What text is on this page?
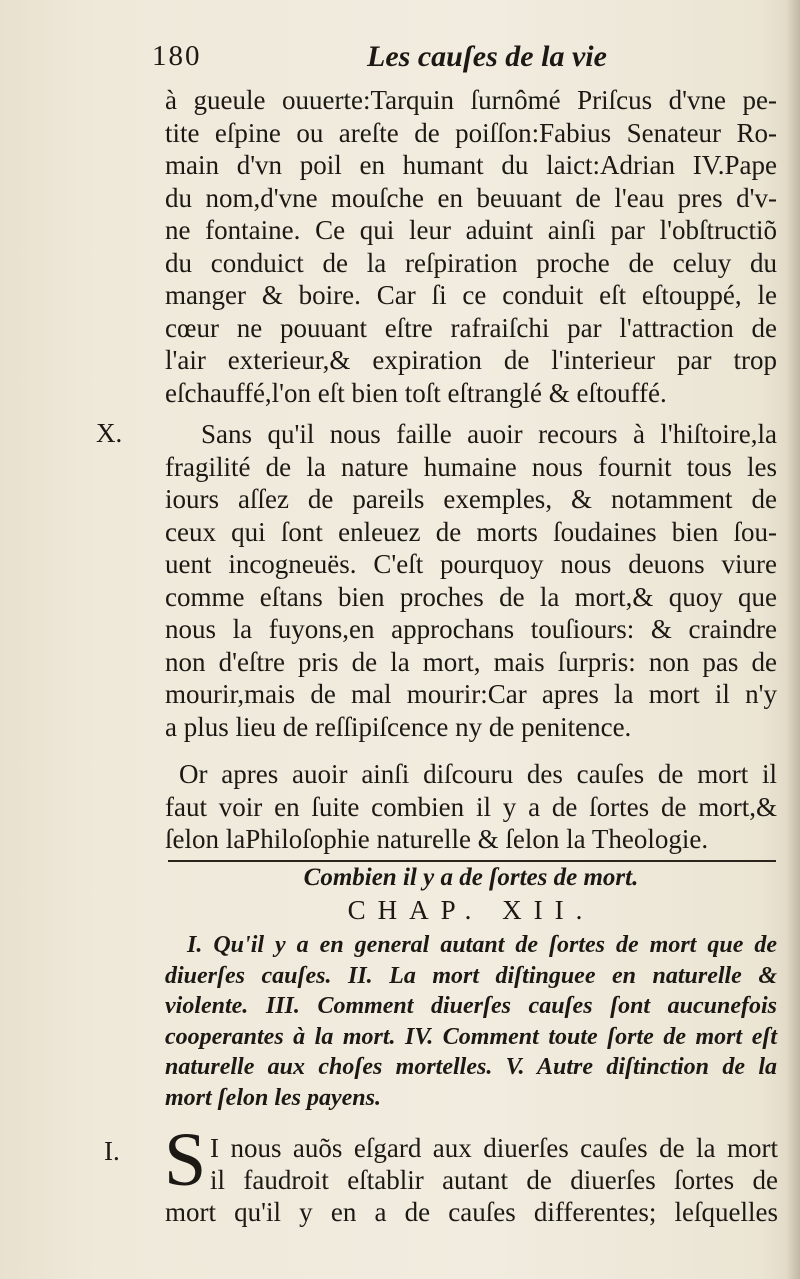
180	Les cauſes de la vie
à gueule ouuerte:Tarquin ſurnômé Priſcus d'vne pe-
tite eſpine ou areſte de poiſſon:Fabius Senateur Ro-
main d'vn poil en humant du laict:Adrian IV.Pape
du nom,d'vne mouſche en beuuant de l'eau pres d'v-
ne fontaine. Ce qui leur aduint ainſi par l'obſtructiõ
du conduict de la reſpiration proche de celuy du
manger & boire. Car ſi ce conduit eſt eſtouppé, le
cœur ne pouuant eſtre rafraiſchi par l'attraction de
l'air exterieur,& expiration de l'interieur par trop
eſchauffé,l'on eſt bien toſt eſtranglé & eſtouffé.
X.	Sans qu'il nous faille auoir recours à l'hiſtoire,la
fragilité de la nature humaine nous fournit tous les
iours aſſez de pareils exemples, & notamment de
ceux qui ſont enleuez de morts ſoudaines bien ſou-
uent incogneuës. C'eſt pourquoy nous deuons viure
comme eſtans bien proches de la mort,& quoy que
nous la fuyons,en approchans touſiours: & craindre
non d'eſtre pris de la mort, mais ſurpris: non pas de
mourir,mais de mal mourir:Car apres la mort il n'y
a plus lieu de reſſipiſcence ny de penitence.
Or apres auoir ainſi diſcouru des cauſes de mort il
faut voir en ſuite combien il y a de ſortes de mort,&
ſelon laPhiloſophie naturelle & ſelon la Theologie.
Combien il y a de ſortes de mort.
CHAP. XII.
I. Qu'il y a en general autant de ſortes de mort que de
diuerſes cauſes. II. La mort diſtinguee en naturelle &
violente. III. Comment diuerſes cauſes ſont aucunefois
cooperantes à la mort. IV. Comment toute ſorte de mort eſt
naturelle aux choſes mortelles. V. Autre diſtinction de la
mort ſelon les payens.
I. S I nous auõs eſgard aux diuerſes cauſes de la mort
il faudroit eſtablir autant de diuerſes ſortes de
mort qu'il y en a de cauſes differentes; leſquelles
